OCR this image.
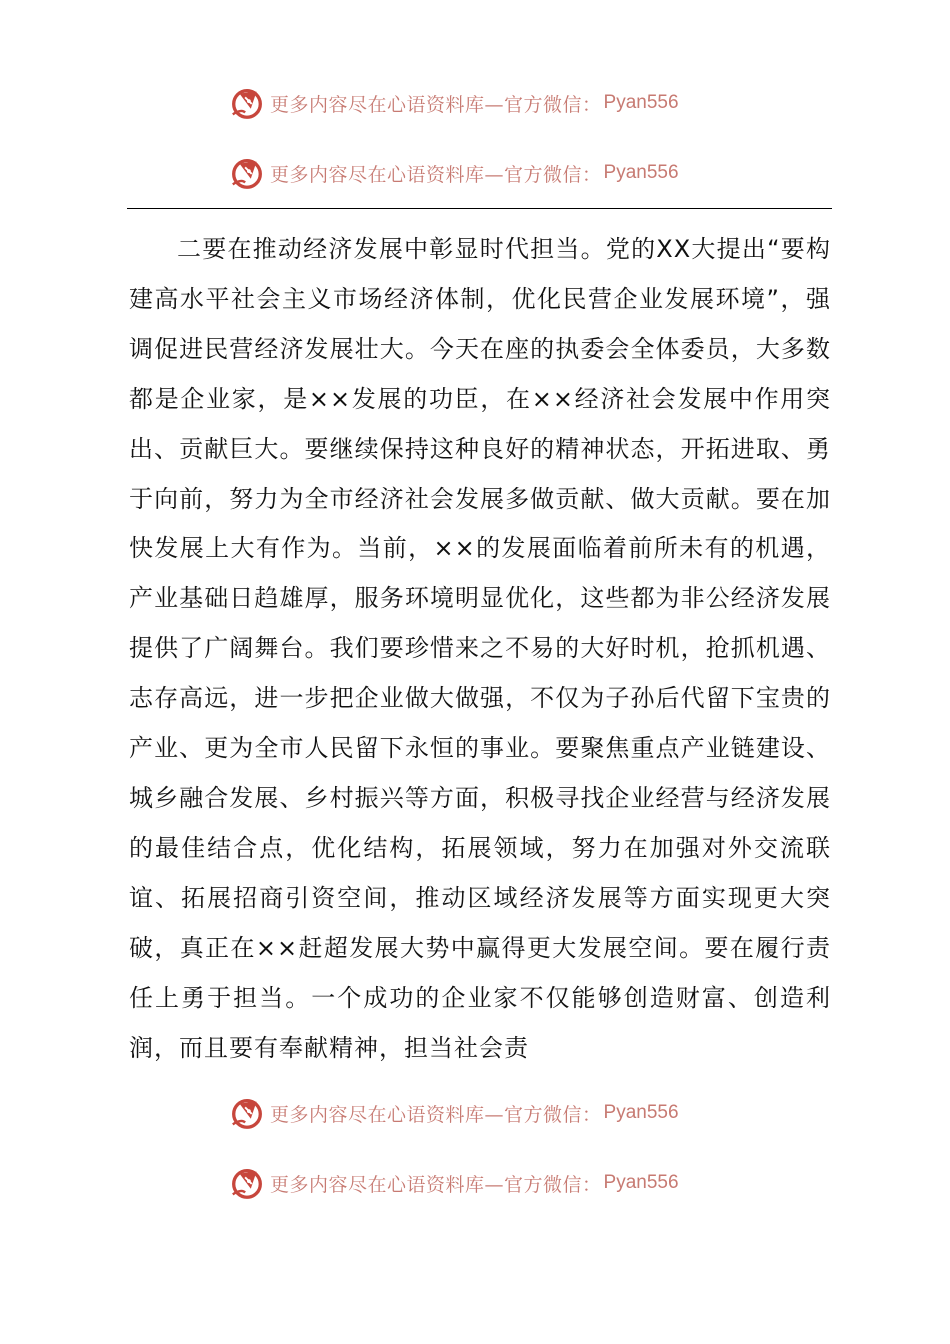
更多内容尽在心语资料库—官方微信： Pyan556
更多内容尽在心语资料库—官方微信： Pyan556

二要在推动经济发展中彰显时代担当。党的XX大提出“要构建高水平社会主义市场经济体制，优化民营企业发展环境”，强调促进民营经济发展壮大。今天在座的执委会全体委员，大多数都是企业家，是××发展的功臣，在××经济社会发展中作用突出、贡献巨大。要继续保持这种良好的精神状态，开拓进取、勇于向前，努力为全市经济社会发展多做贡献、做大贡献。要在加快发展上大有作为。当前，××的发展面临着前所未有的机遇，产业基础日趋雄厚，服务环境明显优化，这些都为非公经济发展提供了广阔舞台。我们要珍惜来之不易的大好时机，抢抓机遇、志存高远，进一步把企业做大做强，不仅为子孙后代留下宝贵的产业、更为全市人民留下永恒的事业。要聚焦重点产业链建设、城乡融合发展、乡村振兴等方面，积极寻找企业经营与经济发展的最佳结合点，优化结构，拓展领域，努力在加强对外交流联谊、拓展招商引资空间，推动区域经济发展等方面实现更大突破，真正在××赶超发展大势中赢得更大发展空间。要在履行责任上勇于担当。一个成功的企业家不仅能够创造财富、创造利润，而且要有奉献精神，担当社会责

更多内容尽在心语资料库—官方微信： Pyan556
更多内容尽在心语资料库—官方微信： Pyan556
